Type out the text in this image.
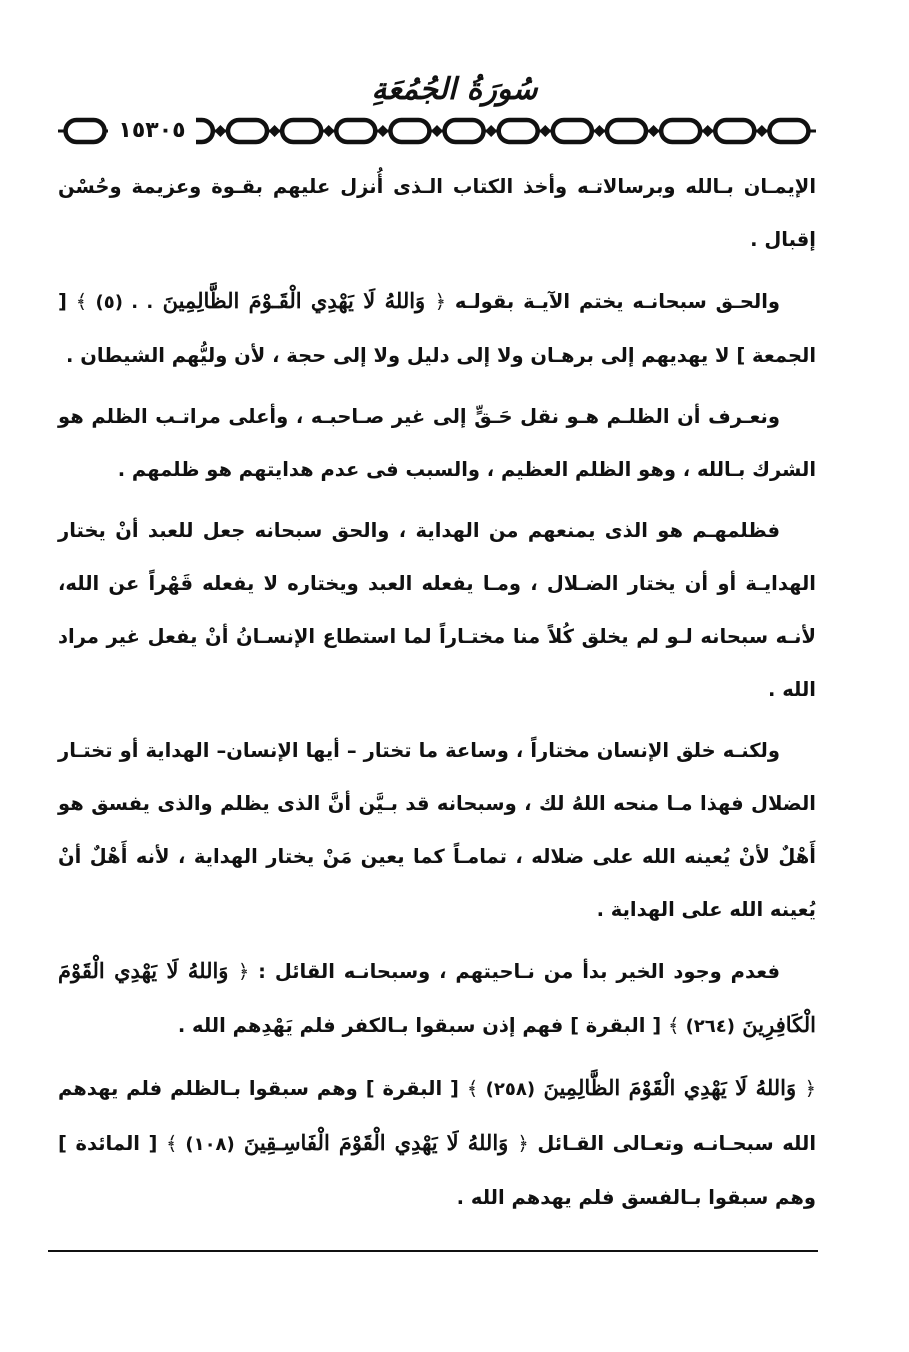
سُورَةُ الجُمُعَةِ
١٥٣٠٥

الإيمـان بـالله وبرسالاتـه وأخذ الكتاب الـذى أُنزل عليهم بقـوة وعزيمة وحُسْن إقبال .

والحـق سبحانـه يختم الآيـة بقولـه ﴿ وَاللهُ لَا يَهْدِي الْقَـوْمَ الظَّالِمِينَ . . (٥) ﴾ [ الجمعة ] لا يهديهم إلى برهـان ولا إلى دليل ولا إلى حجة ، لأن وليُّهم الشيطان .

ونعـرف أن الظلـم هـو نقل حَـقٍّ إلى غير صـاحبـه ، وأعلى مراتـب الظلم هو الشرك بـالله ، وهو الظلم العظيم ، والسبب فى عدم هدايتهم هو ظلمهم .

فظلمهـم هو الذى يمنعهم من الهداية ، والحق سبحانه جعل للعبد أنْ يختار الهدايـة أو أن يختار الضـلال ، ومـا يفعله العبد ويختاره لا يفعله قَهْراً عن الله، لأنـه سبحانه لـو لم يخلق كُلاً منا مختـاراً لما استطاع الإنسـانُ أنْ يفعل غير مراد الله .

ولكنـه خلق الإنسان مختاراً ، وساعة ما تختار – أيها الإنسان– الهداية أو تختـار الضلال فهذا مـا منحه اللهُ لك ، وسبحانه قد بـيَّن أنَّ الذى يظلم والذى يفسق هو أَهْلٌ لأنْ يُعينه الله على ضلاله ، تمامـاً كما يعين مَنْ يختار الهداية ، لأنه أَهْلٌ أنْ يُعينه الله على الهداية .

فعدم وجود الخير بدأ من نـاحيتهم ، وسبحانـه القائل : ﴿ وَاللهُ لَا يَهْدِي الْقَوْمَ الْكَافِرِينَ (٢٦٤) ﴾ [ البقرة ] فهم إذن سبقوا بـالكفر فلم يَهْدِهم الله .

﴿ وَاللهُ لَا يَهْدِي الْقَوْمَ الظَّالِمِينَ (٢٥٨) ﴾ [ البقرة ] وهم سبقوا بـالظلم فلم يهدهم الله سبحـانـه وتعـالى القـائل ﴿ وَاللهُ لَا يَهْدِي الْقَوْمَ الْفَاسِـقِينَ (١٠٨) ﴾ [ المائدة ] وهم سبقوا بـالفسق فلم يهدهم الله .
